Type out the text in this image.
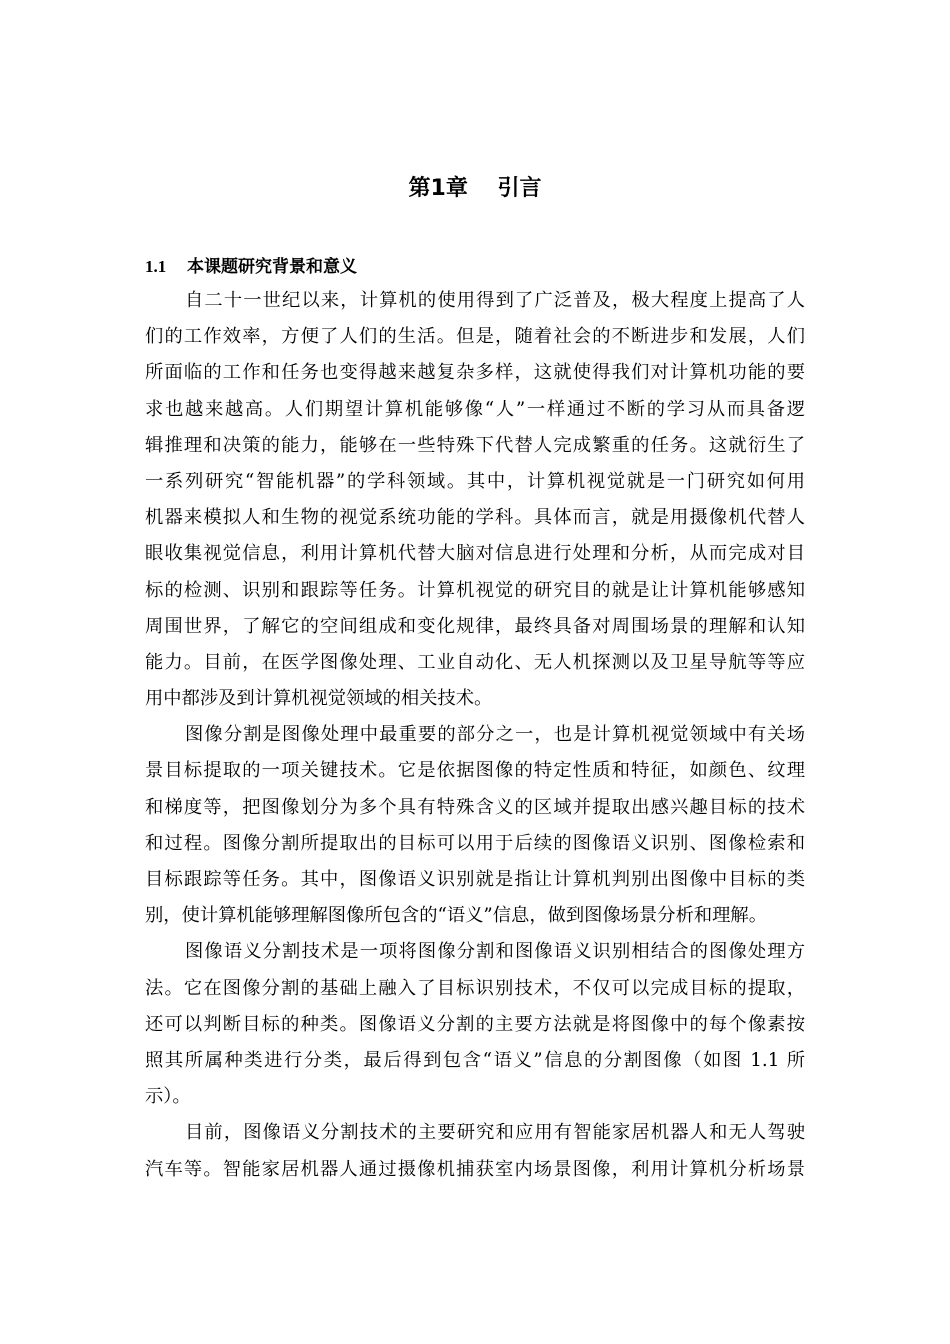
第1章　 引言
1.1 本课题研究背景和意义
自二十一世纪以来，计算机的使用得到了广泛普及，极大程度上提高了人
们的工作效率，方便了人们的生活。但是，随着社会的不断进步和发展，人们
所面临的工作和任务也变得越来越复杂多样，这就使得我们对计算机功能的要
求也越来越高。人们期望计算机能够像“人”一样通过不断的学习从而具备逻
辑推理和决策的能力，能够在一些特殊下代替人完成繁重的任务。这就衍生了
一系列研究“智能机器”的学科领域。其中，计算机视觉就是一门研究如何用
机器来模拟人和生物的视觉系统功能的学科。具体而言，就是用摄像机代替人
眼收集视觉信息，利用计算机代替大脑对信息进行处理和分析，从而完成对目
标的检测、识别和跟踪等任务。计算机视觉的研究目的就是让计算机能够感知
周围世界，了解它的空间组成和变化规律，最终具备对周围场景的理解和认知
能力。目前，在医学图像处理、工业自动化、无人机探测以及卫星导航等等应
用中都涉及到计算机视觉领域的相关技术。
图像分割是图像处理中最重要的部分之一，也是计算机视觉领域中有关场
景目标提取的一项关键技术。它是依据图像的特定性质和特征，如颜色、纹理
和梯度等，把图像划分为多个具有特殊含义的区域并提取出感兴趣目标的技术
和过程。图像分割所提取出的目标可以用于后续的图像语义识别、图像检索和
目标跟踪等任务。其中，图像语义识别就是指让计算机判别出图像中目标的类
别，使计算机能够理解图像所包含的“语义”信息，做到图像场景分析和理解。
图像语义分割技术是一项将图像分割和图像语义识别相结合的图像处理方
法。它在图像分割的基础上融入了目标识别技术，不仅可以完成目标的提取，
还可以判断目标的种类。图像语义分割的主要方法就是将图像中的每个像素按
照其所属种类进行分类，最后得到包含“语义”信息的分割图像（如图 1.1 所
示）。
目前，图像语义分割技术的主要研究和应用有智能家居机器人和无人驾驶
汽车等。智能家居机器人通过摄像机捕获室内场景图像，利用计算机分析场景
